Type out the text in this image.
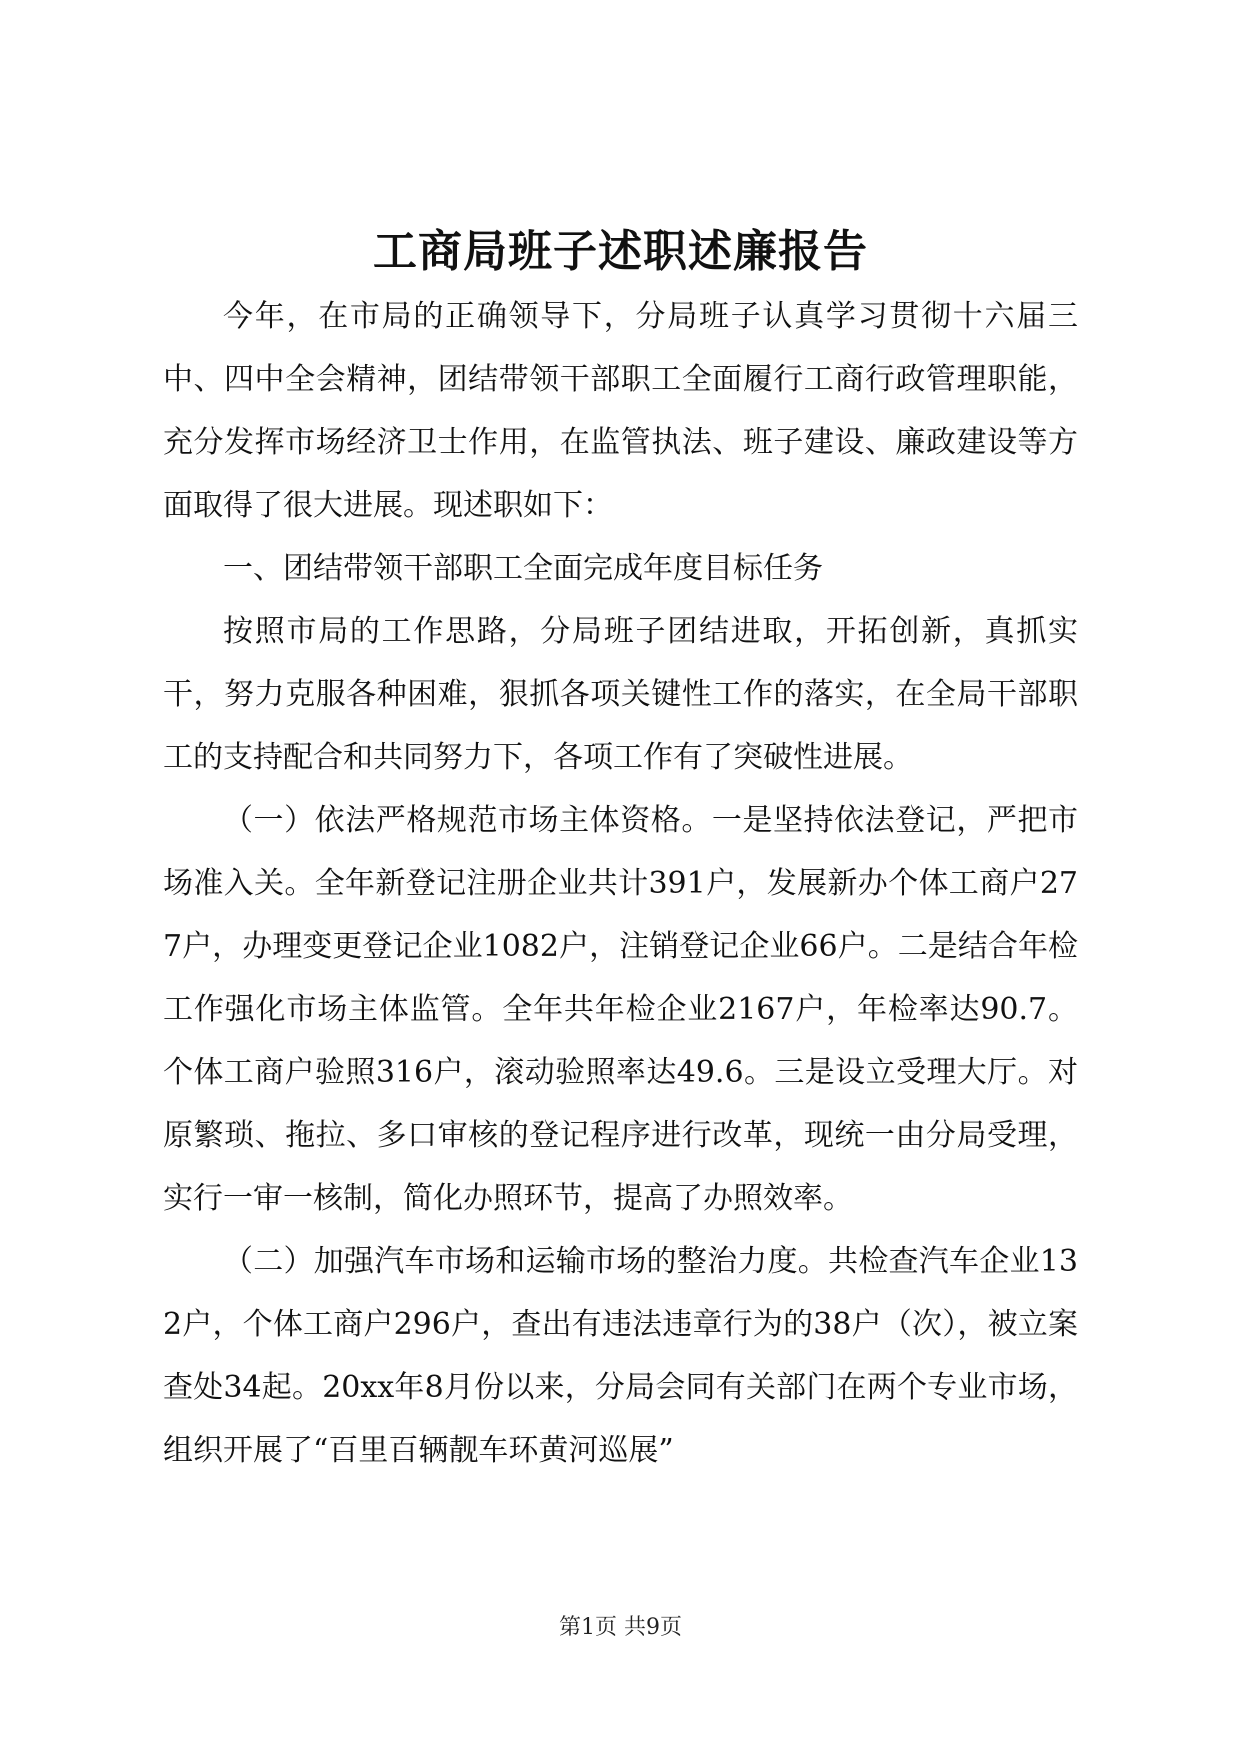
工商局班子述职述廉报告

今年，在市局的正确领导下，分局班子认真学习贯彻十六届三中、四中全会精神，团结带领干部职工全面履行工商行政管理职能，充分发挥市场经济卫士作用，在监管执法、班子建设、廉政建设等方面取得了很大进展。现述职如下：

一、团结带领干部职工全面完成年度目标任务

按照市局的工作思路，分局班子团结进取，开拓创新，真抓实干，努力克服各种困难，狠抓各项关键性工作的落实，在全局干部职工的支持配合和共同努力下，各项工作有了突破性进展。

（一）依法严格规范市场主体资格。一是坚持依法登记，严把市场准入关。全年新登记注册企业共计391户，发展新办个体工商户277户，办理变更登记企业1082户，注销登记企业66户。二是结合年检工作强化市场主体监管。全年共年检企业2167户，年检率达90.7。个体工商户验照316户，滚动验照率达49.6。三是设立受理大厅。对原繁琐、拖拉、多口审核的登记程序进行改革，现统一由分局受理，实行一审一核制，简化办照环节，提高了办照效率。

（二）加强汽车市场和运输市场的整治力度。共检查汽车企业132户，个体工商户296户，查出有违法违章行为的38户（次），被立案查处34起。20xx年8月份以来，分局会同有关部门在两个专业市场，组织开展了“百里百辆靓车环黄河巡展”

第1页 共9页
